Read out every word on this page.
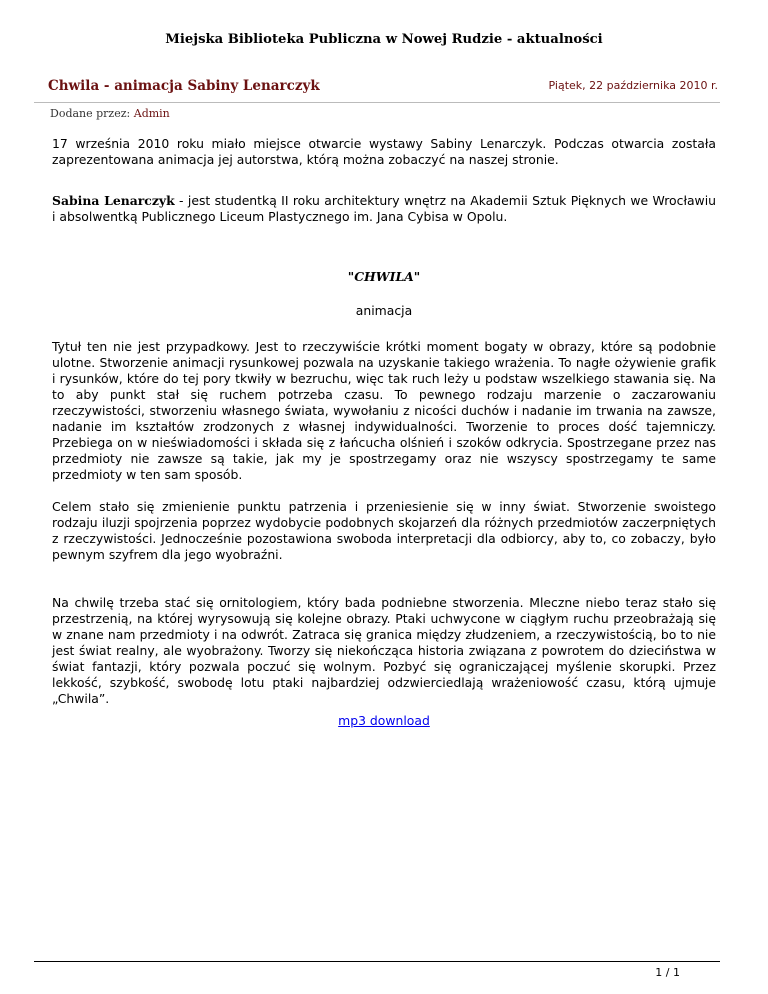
Miejska Biblioteka Publiczna w Nowej Rudzie - aktualności
Chwila - animacja Sabiny Lenarczyk	Piątek, 22 października 2010 r.
Dodane przez: Admin

17 września 2010 roku miało miejsce otwarcie wystawy Sabiny Lenarczyk. Podczas otwarcia została zaprezentowana animacja jej autorstwa, którą można zobaczyć na naszej stronie.

Sabina Lenarczyk - jest studentką II roku architektury wnętrz na Akademii Sztuk Pięknych we Wrocławiu i absolwentką Publicznego Liceum Plastycznego im. Jana Cybisa w Opolu.

"CHWILA"

animacja

Tytuł ten nie jest przypadkowy. Jest to rzeczywiście krótki moment bogaty w obrazy, które są podobnie ulotne. Stworzenie animacji rysunkowej pozwala na uzyskanie takiego wrażenia. To nagłe ożywienie grafik i rysunków, które do tej pory tkwiły w bezruchu, więc tak ruch leży u podstaw wszelkiego stawania się. Na to aby punkt stał się ruchem potrzeba czasu. To pewnego rodzaju marzenie o zaczarowaniu rzeczywistości, stworzeniu własnego świata, wywołaniu z nicości duchów i nadanie im trwania na zawsze, nadanie im kształtów zrodzonych z własnej indywidualności. Tworzenie to proces dość tajemniczy. Przebiega on w nieświadomości i składa się z łańcucha olśnień i szoków odkrycia. Spostrzegane przez nas przedmioty nie zawsze są takie, jak my je spostrzegamy oraz nie wszyscy spostrzegamy te same przedmioty w ten sam sposób.

Celem stało się zmienienie punktu patrzenia i przeniesienie się w inny świat. Stworzenie swoistego rodzaju iluzji spojrzenia poprzez wydobycie podobnych skojarzeń dla różnych przedmiotów zaczerpniętych z rzeczywistości. Jednocześnie pozostawiona swoboda interpretacji dla odbiorcy, aby to, co zobaczy, było pewnym szyfrem dla jego wyobraźni.

Na chwilę trzeba stać się ornitologiem, który bada podniebne stworzenia. Mleczne niebo teraz stało się przestrzenią, na której wyrysowują się kolejne obrazy. Ptaki uchwycone w ciągłym ruchu przeobrażają się w znane nam przedmioty i na odwrót. Zatraca się granica między złudzeniem, a rzeczywistością, bo to nie jest świat realny, ale wyobrażony. Tworzy się niekończąca historia związana z powrotem do dzieciństwa w świat fantazji, który pozwala poczuć się wolnym. Pozbyć się ograniczającej myślenie skorupki. Przez lekkość, szybkość, swobodę lotu ptaki najbardziej odzwierciedlają wrażeniowość czasu, którą ujmuje „Chwila”.

mp3 download
1 / 1
